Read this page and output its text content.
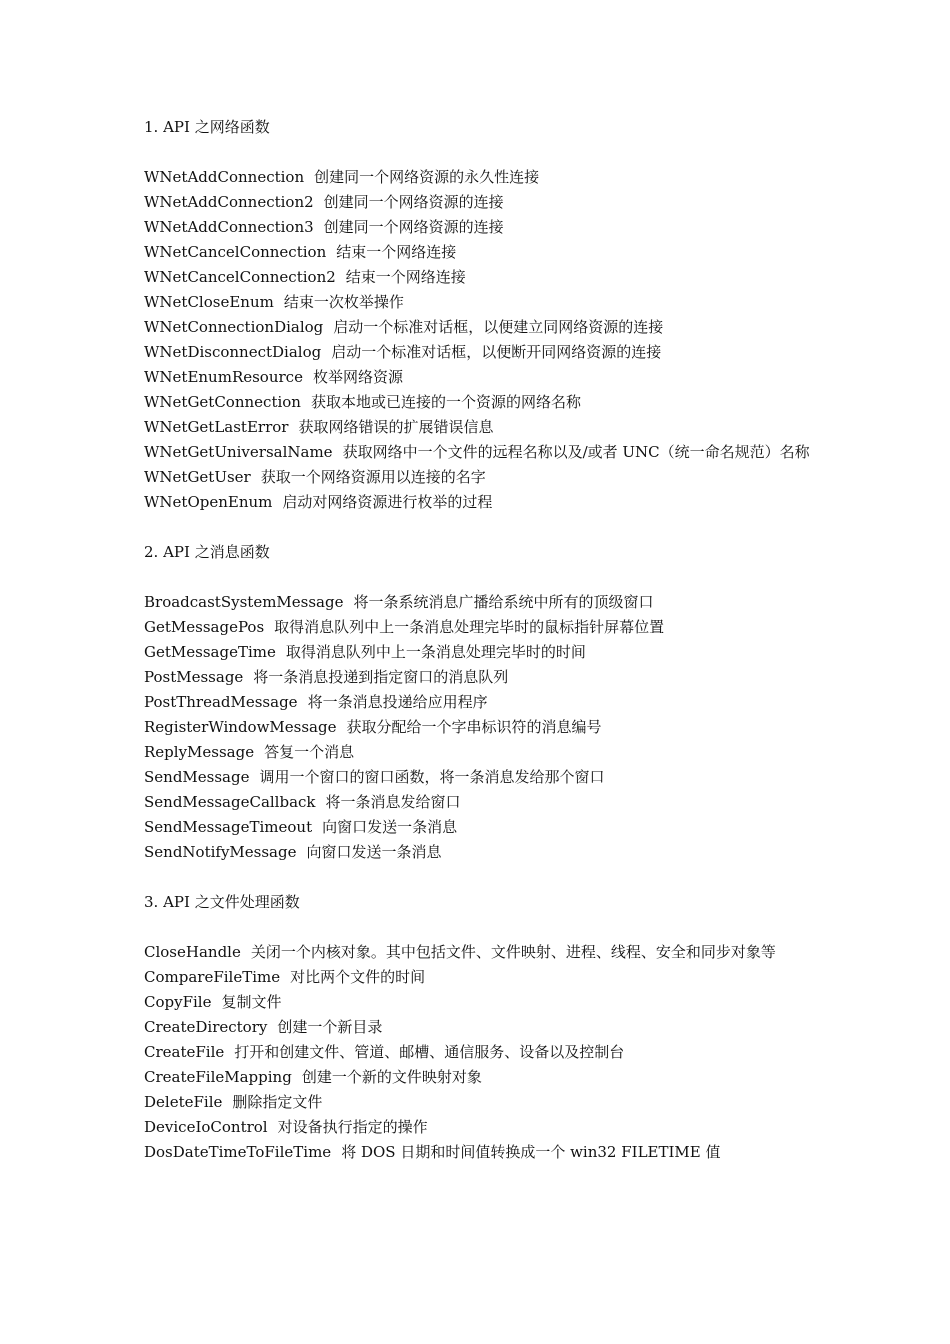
1. API 之网络函数

WNetAddConnection 创建同一个网络资源的永久性连接

WNetAddConnection2 创建同一个网络资源的连接

WNetAddConnection3 创建同一个网络资源的连接

WNetCancelConnection 结束一个网络连接

WNetCancelConnection2 结束一个网络连接

WNetCloseEnum 结束一次枚举操作

WNetConnectionDialog 启动一个标准对话框，以便建立同网络资源的连接

WNetDisconnectDialog 启动一个标准对话框，以便断开同网络资源的连接

WNetEnumResource 枚举网络资源

WNetGetConnection 获取本地或已连接的一个资源的网络名称

WNetGetLastError 获取网络错误的扩展错误信息

WNetGetUniversalName 获取网络中一个文件的远程名称以及/或者 UNC（统一命名规范）名称

WNetGetUser 获取一个网络资源用以连接的名字

WNetOpenEnum 启动对网络资源进行枚举的过程

2. API 之消息函数

BroadcastSystemMessage 将一条系统消息广播给系统中所有的顶级窗口

GetMessagePos 取得消息队列中上一条消息处理完毕时的鼠标指针屏幕位置

GetMessageTime 取得消息队列中上一条消息处理完毕时的时间

PostMessage 将一条消息投递到指定窗口的消息队列

PostThreadMessage 将一条消息投递给应用程序

RegisterWindowMessage 获取分配给一个字串标识符的消息编号

ReplyMessage 答复一个消息

SendMessage 调用一个窗口的窗口函数，将一条消息发给那个窗口

SendMessageCallback 将一条消息发给窗口

SendMessageTimeout 向窗口发送一条消息

SendNotifyMessage 向窗口发送一条消息

3. API 之文件处理函数

CloseHandle 关闭一个内核对象。其中包括文件、文件映射、进程、线程、安全和同步对象等

CompareFileTime 对比两个文件的时间

CopyFile 复制文件

CreateDirectory 创建一个新目录

CreateFile 打开和创建文件、管道、邮槽、通信服务、设备以及控制台

CreateFileMapping 创建一个新的文件映射对象

DeleteFile 删除指定文件

DeviceIoControl 对设备执行指定的操作

DosDateTimeToFileTime 将 DOS 日期和时间值转换成一个 win32 FILETIME 值
